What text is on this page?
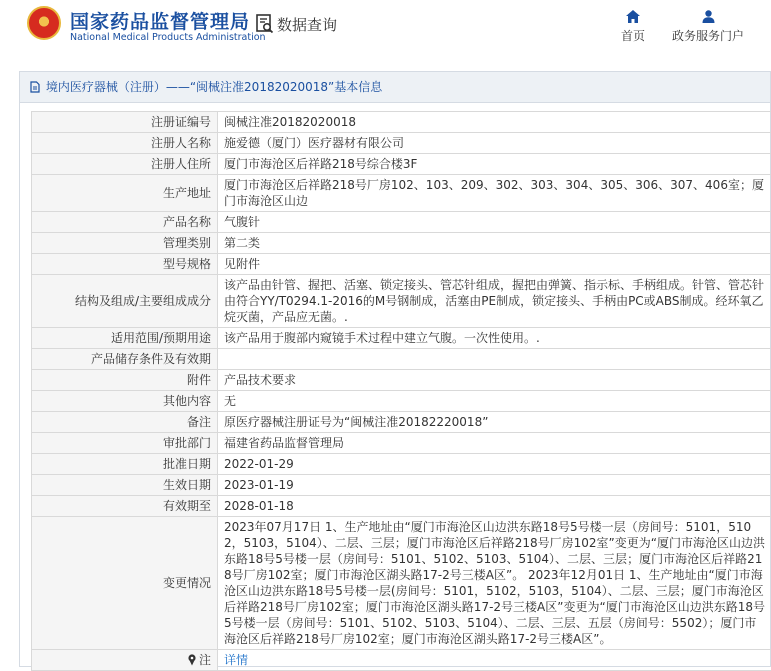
国家药品监督管理局
National Medical Products Administration
数据查询
首页	政务服务门户
境内医疗器械（注册）——“闽械注准20182020018”基本信息
注册证编号	闽械注准20182020018
注册人名称	施爱德（厦门）医疗器材有限公司
注册人住所	厦门市海沧区后祥路218号综合楼3F
生产地址	厦门市海沧区后祥路218号厂房102、103、209、302、303、304、305、306、307、406室；厦门市海沧区山边
产品名称	气腹针
管理类别	第二类
型号规格	见附件
结构及组成/主要组成成分	该产品由针管、握把、活塞、锁定接头、管芯针组成，握把由弹簧、指示标、手柄组成。针管、管芯针由符合YY/T0294.1-2016的M号钢制成，活塞由PE制成，锁定接头、手柄由PC或ABS制成。经环氧乙烷灭菌，产品应无菌。.
适用范围/预期用途	该产品用于腹部内窥镜手术过程中建立气腹。一次性使用。.
产品储存条件及有效期	
附件	产品技术要求
其他内容	无
备注	原医疗器械注册证号为“闽械注准20182220018”
审批部门	福建省药品监督管理局
批准日期	2022-01-29
生效日期	2023-01-19
有效期至	2028-01-18
变更情况	2023年07月17日 1、生产地址由“厦门市海沧区山边洪东路18号5号楼一层（房间号：5101，5102，5103，5104）、二层、三层；厦门市海沧区后祥路218号厂房102室”变更为“厦门市海沧区山边洪东路18号5号楼一层（房间号：5101、5102、5103、5104）、二层、三层；厦门市海沧区后祥路218号厂房102室；厦门市海沧区湖头路17-2号三楼A区”。 2023年12月01日 1、生产地址由“厦门市海沧区山边洪东路18号5号楼一层(房间号：5101，5102，5103，5104）、二层、三层；厦门市海沧区后祥路218号厂房102室；厦门市海沧区湖头路17-2号三楼A区”变更为“厦门市海沧区山边洪东路18号5号楼一层（房间号：5101、5102、5103、5104）、二层、三层、五层（房间号：5502）；厦门市海沧区后祥路218号厂房102室；厦门市海沧区湖头路17-2号三楼A区”。
注	详情
